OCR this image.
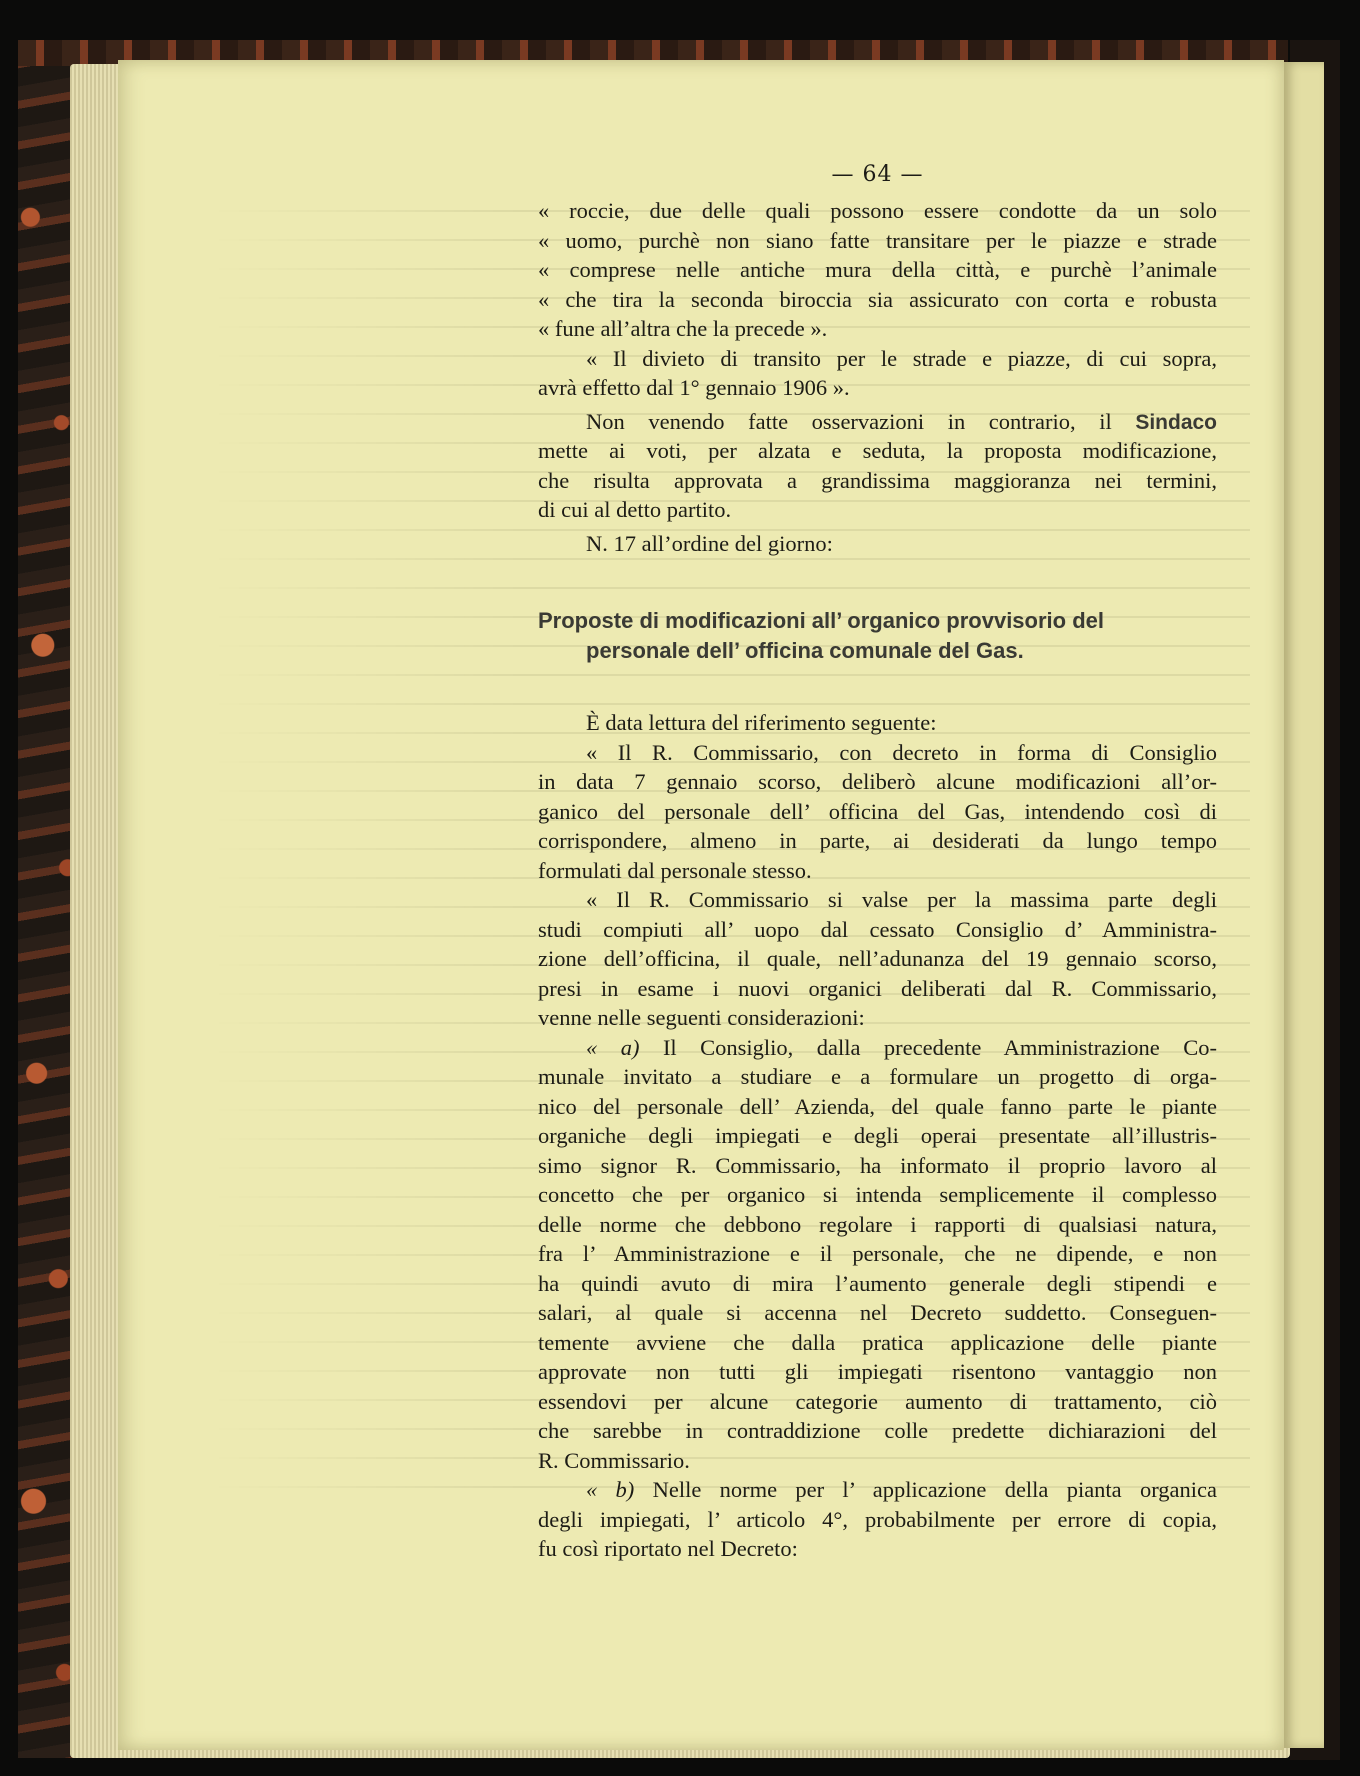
— 64 —
« roccie, due delle quali possono essere condotte da un solo
« uomo, purchè non siano fatte transitare per le piazze e strade
« comprese nelle antiche mura della città, e purchè l’animale
« che tira la seconda biroccia sia assicurato con corta e robusta
« fune all’altra che la precede ».
« Il divieto di transito per le strade e piazze, di cui sopra,
avrà effetto dal 1° gennaio 1906 ».
Non venendo fatte osservazioni in contrario, il Sindaco
mette ai voti, per alzata e seduta, la proposta modificazione,
che risulta approvata a grandissima maggioranza nei termini,
di cui al detto partito.
N. 17 all’ordine del giorno:
Proposte di modificazioni all’ organico provvisorio del
personale dell’ officina comunale del Gas.
È data lettura del riferimento seguente:
« Il R. Commissario, con decreto in forma di Consiglio
in data 7 gennaio scorso, deliberò alcune modificazioni all’or-
ganico del personale dell’ officina del Gas, intendendo così di
corrispondere, almeno in parte, ai desiderati da lungo tempo
formulati dal personale stesso.
« Il R. Commissario si valse per la massima parte degli
studi compiuti all’ uopo dal cessato Consiglio d’ Amministra-
zione dell’officina, il quale, nell’adunanza del 19 gennaio scorso,
presi in esame i nuovi organici deliberati dal R. Commissario,
venne nelle seguenti considerazioni:
« a) Il Consiglio, dalla precedente Amministrazione Co-
munale invitato a studiare e a formulare un progetto di orga-
nico del personale dell’ Azienda, del quale fanno parte le piante
organiche degli impiegati e degli operai presentate all’illustris-
simo signor R. Commissario, ha informato il proprio lavoro al
concetto che per organico si intenda semplicemente il complesso
delle norme che debbono regolare i rapporti di qualsiasi natura,
fra l’ Amministrazione e il personale, che ne dipende, e non
ha quindi avuto di mira l’aumento generale degli stipendi e
salari, al quale si accenna nel Decreto suddetto. Conseguen-
temente avviene che dalla pratica applicazione delle piante
approvate non tutti gli impiegati risentono vantaggio non
essendovi per alcune categorie aumento di trattamento, ciò
che sarebbe in contraddizione colle predette dichiarazioni del
R. Commissario.
« b) Nelle norme per l’ applicazione della pianta organica
degli impiegati, l’ articolo 4°, probabilmente per errore di copia,
fu così riportato nel Decreto:
